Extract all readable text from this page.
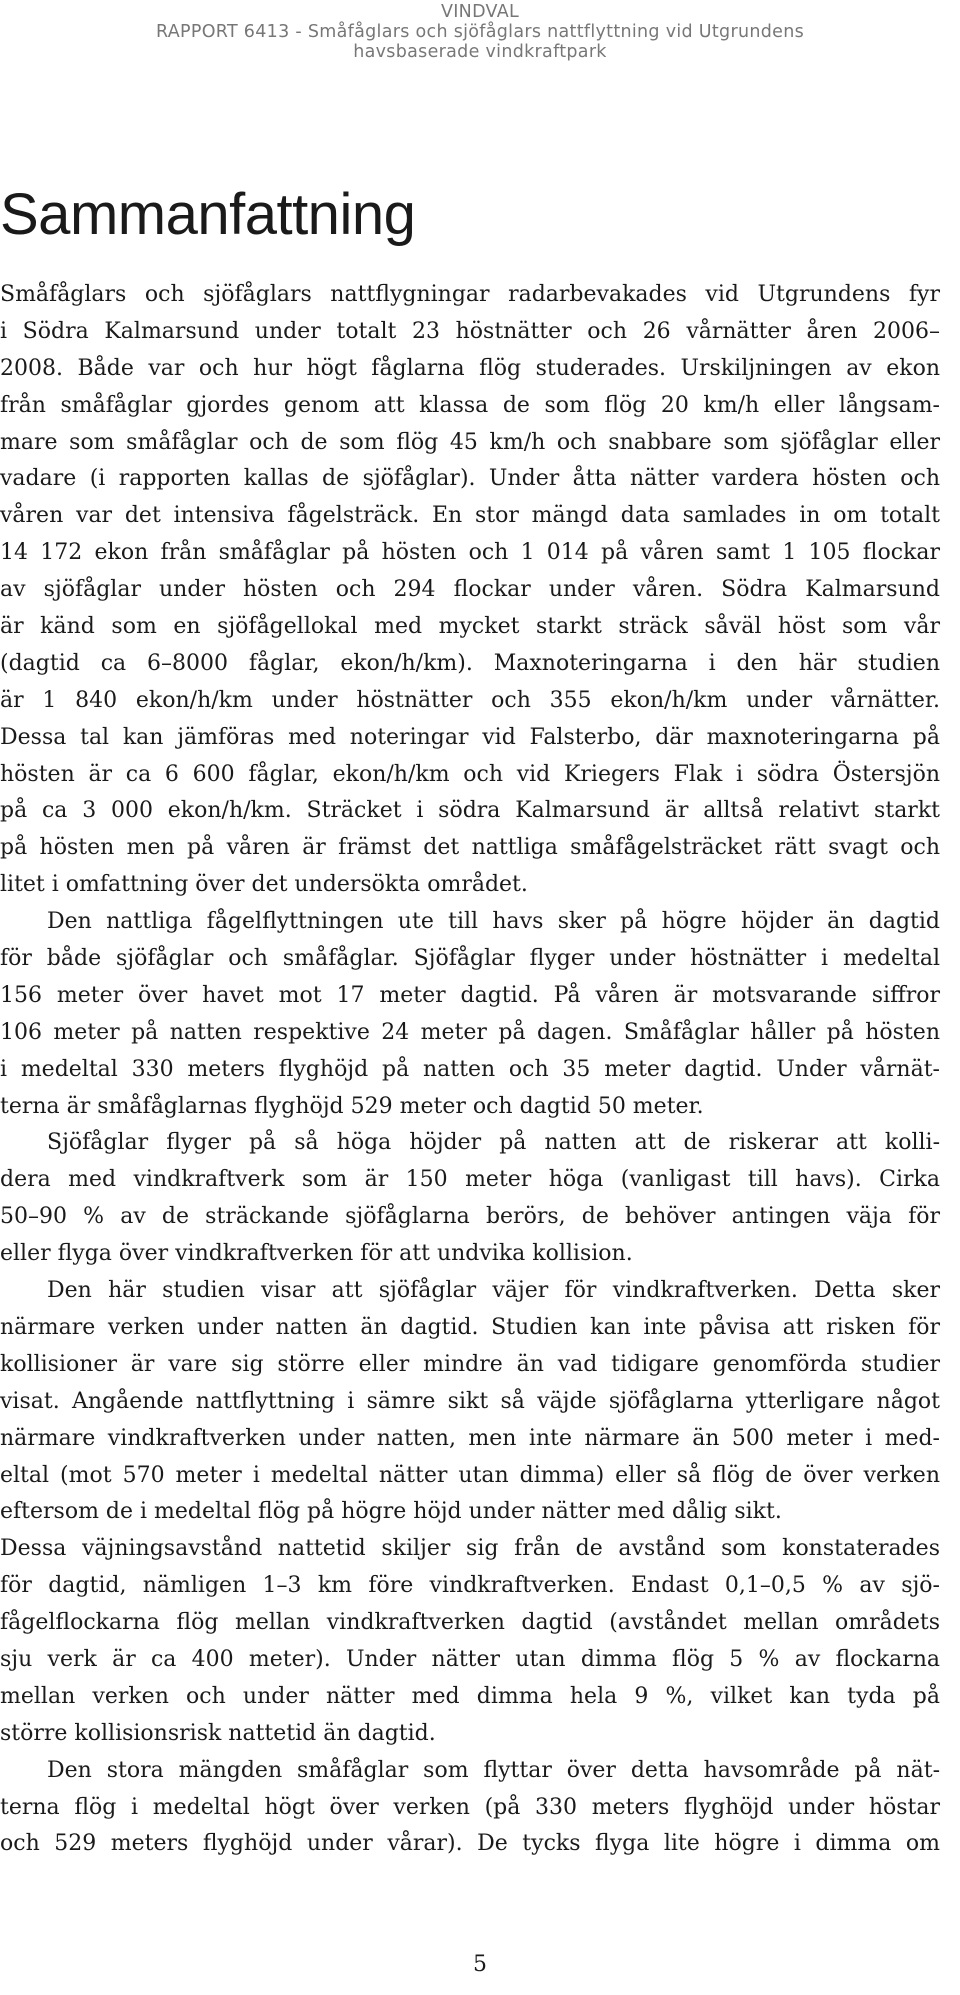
VINDVAL
RAPPORT 6413 - Småfåglars och sjöfåglars nattflyttning vid Utgrundens
havsbaserade vindkraftpark
Sammanfattning
Småfåglars och sjöfåglars nattflygningar radarbevakades vid Utgrundens fyr
i Södra Kalmarsund under totalt 23 höstnätter och 26 vårnätter åren 2006–
2008. Både var och hur högt fåglarna flög studerades. Urskiljningen av ekon
från småfåglar gjordes genom att klassa de som flög 20 km/h eller långsam-
mare som småfåglar och de som flög 45 km/h och snabbare som sjöfåglar eller
vadare (i rapporten kallas de sjöfåglar). Under åtta nätter vardera hösten och
våren var det intensiva fågelsträck. En stor mängd data samlades in om totalt
14 172 ekon från småfåglar på hösten och 1 014 på våren samt 1 105 flockar
av sjöfåglar under hösten och 294 flockar under våren. Södra Kalmarsund
är känd som en sjöfågellokal med mycket starkt sträck såväl höst som vår
(dagtid ca 6–8000 fåglar, ekon/h/km). Maxnoteringarna i den här studien
är 1 840 ekon/h/km under höstnätter och 355 ekon/h/km under vårnätter.
Dessa tal kan jämföras med noteringar vid Falsterbo, där maxnoteringarna på
hösten är ca 6 600 fåglar, ekon/h/km och vid Kriegers Flak i södra Östersjön
på ca 3 000 ekon/h/km. Sträcket i södra Kalmarsund är alltså relativt starkt
på hösten men på våren är främst det nattliga småfågelsträcket rätt svagt och
litet i omfattning över det undersökta området.
Den nattliga fågelflyttningen ute till havs sker på högre höjder än dagtid
för både sjöfåglar och småfåglar. Sjöfåglar flyger under höstnätter i medeltal
156 meter över havet mot 17 meter dagtid. På våren är motsvarande siffror
106 meter på natten respektive 24 meter på dagen. Småfåglar håller på hösten
i medeltal 330 meters flyghöjd på natten och 35 meter dagtid. Under vårnät-
terna är småfåglarnas flyghöjd 529 meter och dagtid 50 meter.
Sjöfåglar flyger på så höga höjder på natten att de riskerar att kolli-
dera med vindkraftverk som är 150 meter höga (vanligast till havs). Cirka
50–90 % av de sträckande sjöfåglarna berörs, de behöver antingen väja för
eller flyga över vindkraftverken för att undvika kollision.
Den här studien visar att sjöfåglar väjer för vindkraftverken. Detta sker
närmare verken under natten än dagtid. Studien kan inte påvisa att risken för
kollisioner är vare sig större eller mindre än vad tidigare genomförda studier
visat. Angående nattflyttning i sämre sikt så väjde sjöfåglarna ytterligare något
närmare vindkraftverken under natten, men inte närmare än 500 meter i med-
eltal (mot 570 meter i medeltal nätter utan dimma) eller så flög de över verken
eftersom de i medeltal flög på högre höjd under nätter med dålig sikt.
Dessa väjningsavstånd nattetid skiljer sig från de avstånd som konstaterades
för dagtid, nämligen 1–3 km före vindkraftverken. Endast 0,1–0,5 % av sjö-
fågelflockarna flög mellan vindkraftverken dagtid (avståndet mellan områdets
sju verk är ca 400 meter). Under nätter utan dimma flög 5 % av flockarna
mellan verken och under nätter med dimma hela 9 %, vilket kan tyda på
större kollisionsrisk nattetid än dagtid.
Den stora mängden småfåglar som flyttar över detta havsområde på nät-
terna flög i medeltal högt över verken (på 330 meters flyghöjd under höstar
och 529 meters flyghöjd under vårar). De tycks flyga lite högre i dimma om
5
